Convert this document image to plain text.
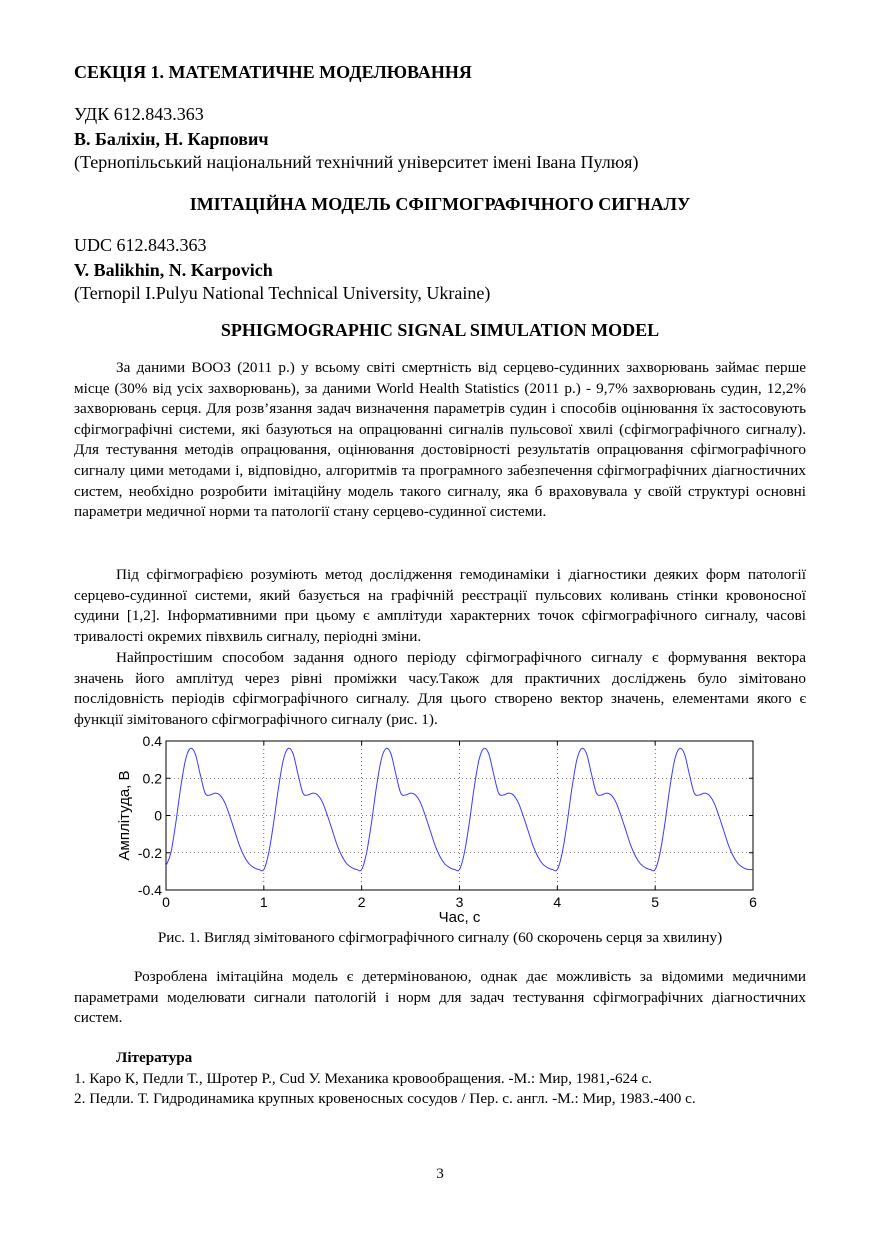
СЕКЦІЯ 1. МАТЕМАТИЧНЕ МОДЕЛЮВАННЯ
УДК 612.843.363
В. Баліхін, Н. Карпович
(Тернопільський національний технічний університет імені Івана Пулюя)
ІМІТАЦІЙНА МОДЕЛЬ СФІГМОГРАФІЧНОГО СИГНАЛУ
UDC 612.843.363
V. Balikhin, N. Karpovich
(Ternopil I.Pulyu National Technical University, Ukraine)
SPHIGMOGRAPHIC SIGNAL SIMULATION MODEL
За даними ВООЗ (2011 р.) у всьому світі смертність від серцево-судинних захворювань займає перше місце (30% від усіх захворювань), за даними World Health Statistics (2011 р.) - 9,7% захворювань судин, 12,2% захворювань серця. Для розв’язання задач визначення параметрів судин і способів оцінювання їх застосовують сфігмографічні системи, які базуються на опрацюванні сигналів пульсової хвилі (сфігмографічного сигналу). Для тестування методів опрацювання, оцінювання достовірності результатів опрацювання сфігмографічного сигналу цими методами і, відповідно, алгоритмів та програмного забезпечення сфігмографічних діагностичних систем, необхідно розробити імітаційну модель такого сигналу, яка б враховувала у своїй структурі основні параметри медичної норми та патології стану серцево-судинної системи.
Під сфігмографією розуміють метод дослідження гемодинаміки і діагностики деяких форм патології серцево-судинної системи, який базується на графічній реєстрації пульсових коливань стінки кровоносної судини [1,2]. Інформативними при цьому є амплітуди характерних точок сфігмографічного сигналу, часові тривалості окремих півхвиль сигналу, періодні зміни.
Найпростішим способом задання одного періоду сфігмографічного сигналу є формування вектора значень його амплітуд через рівні проміжки часу.Також для практичних досліджень було зімітовано послідовність періодів сфігмографічного сигналу. Для цього створено вектор значень, елементами якого є функції зімітованого сфігмографічного сигналу (рис. 1).
0	1	2	3	4	5	6
0.4
0.2
0
-0.2
-0.4
Час, с
Амплітуда, В
Рис. 1. Вигляд зімітованого сфігмографічного сигналу (60 скорочень серця за хвилину)
Розроблена імітаційна модель є детермінованою, однак дає можливість за відомими медичними параметрами моделювати сигнали патологій і норм для задач тестування сфігмографічних діагностичних систем.
Література
1. Каро К, Педли Т., Шротер Р., Cud У. Механика кровообращения. -М.: Мир, 1981,-624 с.
2. Педли. Т. Гидродинамика крупных кровеносных сосудов / Пер. с. англ. -М.: Мир, 1983.-400 с.
3
